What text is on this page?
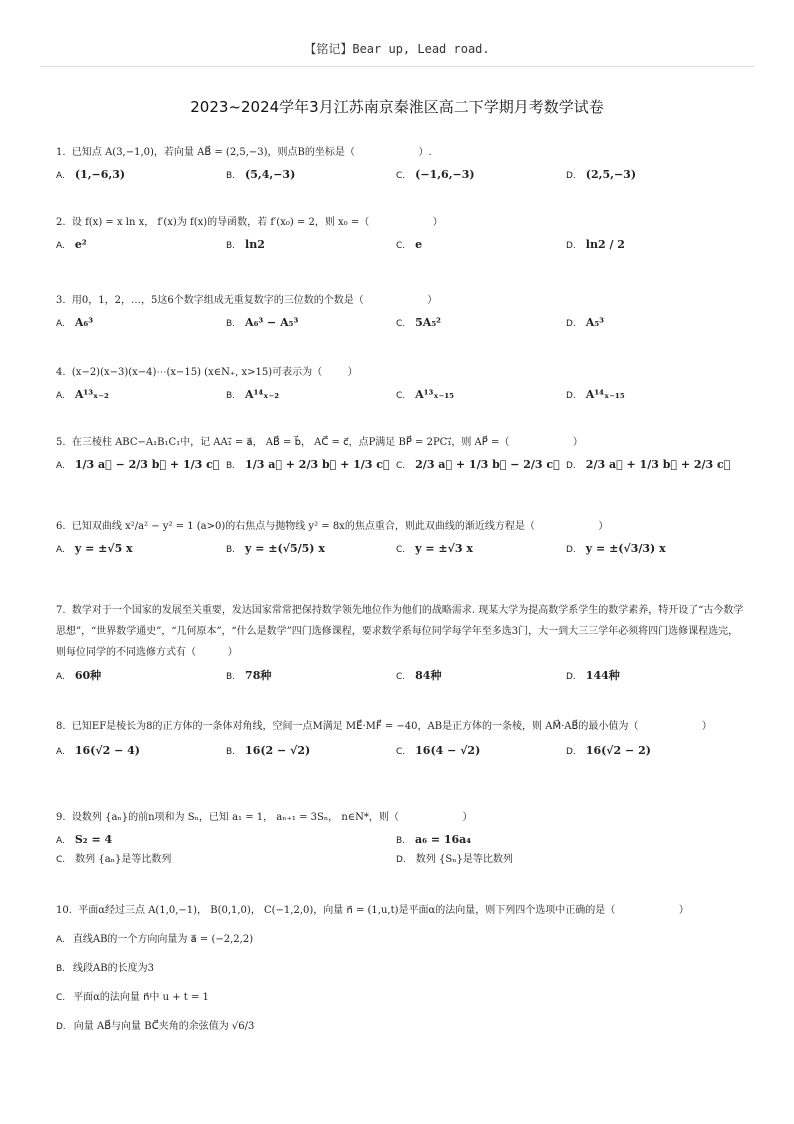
【铭记】Bear up, Lead road.
2023~2024学年3月江苏南京秦淮区高二下学期月考数学试卷
1.  已知点 A(3,−1,0)，若向量 AB⃗ = (2,5,−3)，则点B的坐标是（                    ）.
A. (1,−6,3)	B. (5,4,−3)	C. (−1,6,−3)	D. (2,5,−3)
2.  设 f(x) = x ln x， f′(x)为 f(x)的导函数，若 f′(x₀) = 2，则 x₀ =（                    ）
A. e²	B. ln2	C. e	D. ln2 / 2
3.  用0，1，2，…，5这6个数字组成无重复数字的三位数的个数是（                    ）
A. A₆³	B. A₆³ − A₅³	C. 5A₅²	D. A₅³
4.  (x−2)(x−3)(x−4)⋯(x−15) (x∈N₊, x>15)可表示为（        ）
A. A¹³ₓ₋₂	B. A¹⁴ₓ₋₂	C. A¹³ₓ₋₁₅	D. A¹⁴ₓ₋₁₅
5.  在三棱柱 ABC−A₁B₁C₁中，记 AA₁⃗ = a⃗， AB⃗ = b⃗， AC⃗ = c⃗，点P满足 BP⃗ = 2PC₁⃗，则 AP⃗ =（                    ）
A. 1/3 a⃗ − 2/3 b⃗ + 1/3 c⃗ B. 1/3 a⃗ + 2/3 b⃗ + 1/3 c⃗ C. 2/3 a⃗ + 1/3 b⃗ − 2/3 c⃗ D. 2/3 a⃗ + 1/3 b⃗ + 2/3 c⃗
6.  已知双曲线 x²/a² − y² = 1 (a>0)的右焦点与抛物线 y² = 8x的焦点重合，则此双曲线的渐近线方程是（                    ）
A. y = ±√5 x	B. y = ±(√5/5) x	C. y = ±√3 x	D. y = ±(√3/3) x
7.  数学对于一个国家的发展至关重要，发达国家常常把保持数学领先地位作为他们的战略需求. 现某大学为提高数学系学生的数学素养，特开设了“古今数学思想”，“世界数学通史”，“几何原本”，“什么是数学”四门选修课程，要求数学系每位同学每学年至多选3门，大一到大三三学年必须将四门选修课程选完，则每位同学的不同选修方式有（          ）
A. 60种	B. 78种	C. 84种	D. 144种
8.  已知EF是棱长为8的正方体的一条体对角线，空间一点M满足 ME⃗·MF⃗ = −40，AB是正方体的一条棱，则 AM⃗·AB⃗的最小值为（                    ）
A. 16(√2 − 4)	B. 16(2 − √2)	C. 16(4 − √2)	D. 16(√2 − 2)
9.  设数列 {aₙ}的前n项和为 Sₙ，已知 a₁ = 1， aₙ₊₁ = 3Sₙ， n∈N*，则（                    ）
A. S₂ = 4	B. a₆ = 16a₄
C. 数列 {aₙ}是等比数列	D. 数列 {Sₙ}是等比数列
10.  平面α经过三点 A(1,0,−1)， B(0,1,0)， C(−1,2,0)，向量 n⃗ = (1,u,t)是平面α的法向量，则下列四个选项中正确的是（                    ）
A. 直线AB的一个方向向量为 a⃗ = (−2,2,2)
B. 线段AB的长度为3
C. 平面α的法向量 n⃗中 u + t = 1
D. 向量 AB⃗与向量 BC⃗夹角的余弦值为 √6/3
